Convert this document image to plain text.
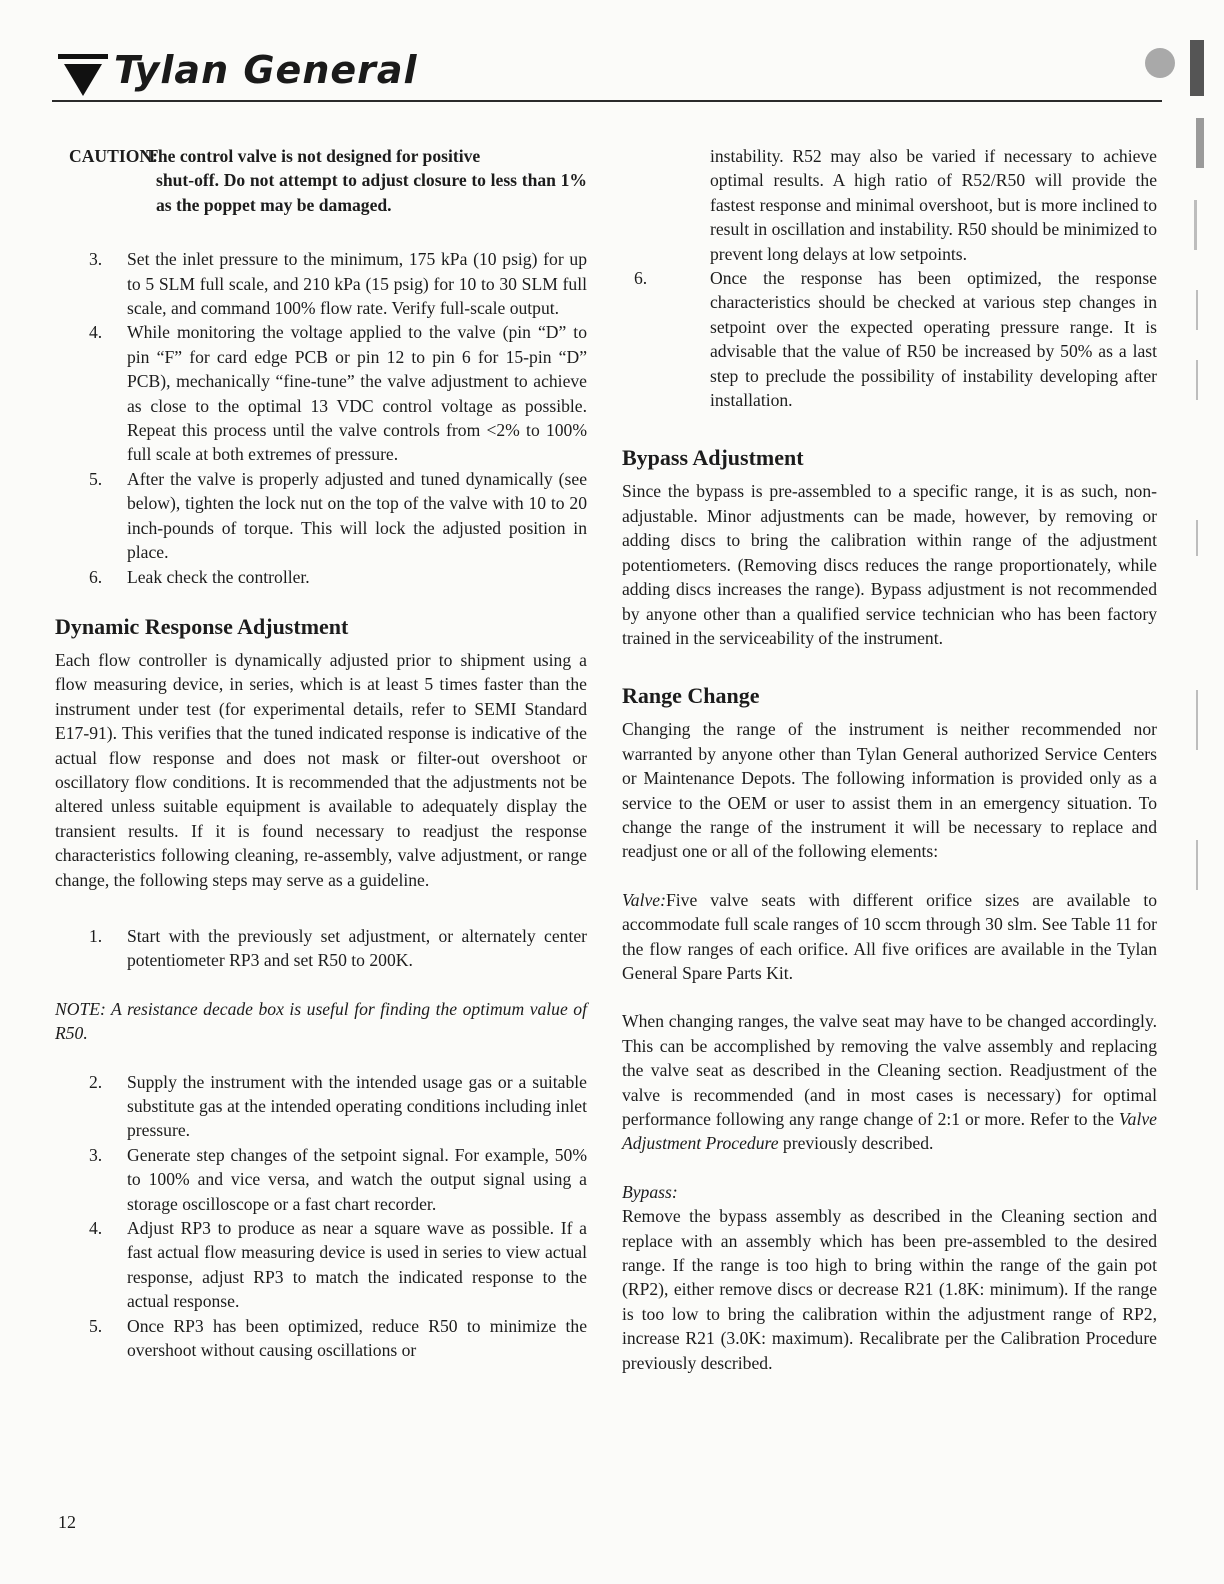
Tylan General
CAUTION: The control valve is not designed for positive
shut-off. Do not attempt to adjust closure to less than 1% as the poppet may be damaged.
3. Set the inlet pressure to the minimum, 175 kPa (10 psig) for up to 5 SLM full scale, and 210 kPa (15 psig) for 10 to 30 SLM full scale, and command 100% flow rate. Verify full-scale output.
4. While monitoring the voltage applied to the valve (pin “D” to pin “F” for card edge PCB or pin 12 to pin 6 for 15-pin “D” PCB), mechanically “fine-tune” the valve adjustment to achieve as close to the optimal 13 VDC control voltage as possible. Repeat this process until the valve controls from <2% to 100% full scale at both extremes of pressure.
5. After the valve is properly adjusted and tuned dynamically (see below), tighten the lock nut on the top of the valve with 10 to 20 inch-pounds of torque. This will lock the adjusted position in place.
6. Leak check the controller.
Dynamic Response Adjustment

Each flow controller is dynamically adjusted prior to shipment using a flow measuring device, in series, which is at least 5 times faster than the instrument under test (for experimental details, refer to SEMI Standard E17-91). This verifies that the tuned indicated response is indicative of the actual flow response and does not mask or filter-out overshoot or oscillatory flow conditions. It is recommended that the adjustments not be altered unless suitable equipment is available to adequately display the transient results. If it is found necessary to readjust the response characteristics following cleaning, re-assembly, valve adjustment, or range change, the following steps may serve as a guideline.

1. Start with the previously set adjustment, or alternately center potentiometer RP3 and set R50 to 200K.

NOTE: A resistance decade box is useful for finding the optimum value of R50.

2. Supply the instrument with the intended usage gas or a suitable substitute gas at the intended operating conditions including inlet pressure.
3. Generate step changes of the setpoint signal. For example, 50% to 100% and vice versa, and watch the output signal using a storage oscilloscope or a fast chart recorder.
4. Adjust RP3 to produce as near a square wave as possible. If a fast actual flow measuring device is used in series to view actual response, adjust RP3 to match the indicated response to the actual response.
5. Once RP3 has been optimized, reduce R50 to minimize the overshoot without causing oscillations or

instability. R52 may also be varied if necessary to achieve optimal results. A high ratio of R52/R50 will provide the fastest response and minimal overshoot, but is more inclined to result in oscillation and instability. R50 should be minimized to prevent long delays at low setpoints.

6.	Once the response has been optimized, the response characteristics should be checked at various step changes in setpoint over the expected operating pressure range. It is advisable that the value of R50 be increased by 50% as a last step to preclude the possibility of instability developing after installation.
Bypass Adjustment

Since the bypass is pre-assembled to a specific range, it is as such, non-adjustable. Minor adjustments can be made, however, by removing or adding discs to bring the calibration within range of the adjustment potentiometers. (Removing discs reduces the range proportionately, while adding discs increases the range). Bypass adjustment is not recommended by anyone other than a qualified service technician who has been factory trained in the serviceability of the instrument.

Range Change

Changing the range of the instrument is neither recommended nor warranted by anyone other than Tylan General authorized Service Centers or Maintenance Depots. The following information is provided only as a service to the OEM or user to assist them in an emergency situation. To change the range of the instrument it will be necessary to replace and readjust one or all of the following elements:

Valve:Five valve seats with different orifice sizes are available to accommodate full scale ranges of 10 sccm through 30 slm. See Table 11 for the flow ranges of each orifice. All five orifices are available in the Tylan General Spare Parts Kit.

When changing ranges, the valve seat may have to be changed accordingly. This can be accomplished by removing the valve assembly and replacing the valve seat as described in the Cleaning section. Readjustment of the valve is recommended (and in most cases is necessary) for optimal performance following any range change of 2:1 or more. Refer to the Valve Adjustment Procedure previously described.

Bypass:

Remove the bypass assembly as described in the Cleaning section and replace with an assembly which has been pre-assembled to the desired range. If the range is too high to bring within the range of the gain pot (RP2), either remove discs or decrease R21 (1.8K: minimum). If the range is too low to bring the calibration within the adjustment range of RP2, increase R21 (3.0K: maximum). Recalibrate per the Calibration Procedure previously described.

12
